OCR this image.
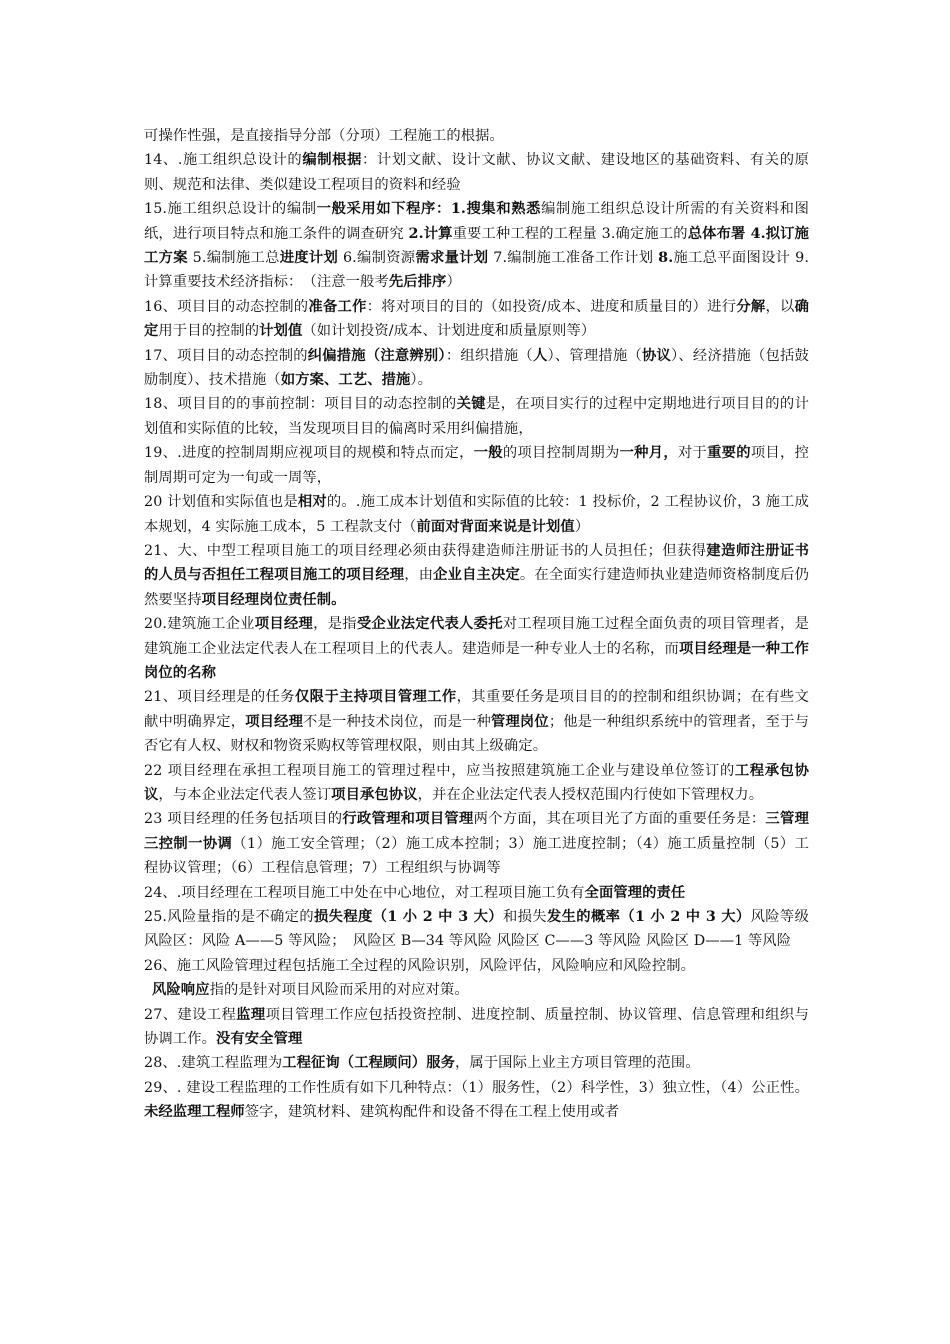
可操作性强，是直接指导分部（分项）工程施工的根据。

14、.施工组织总设计的编制根据：计划文献、设计文献、协议文献、建设地区的基础资料、有关的原则、规范和法律、类似建设工程项目的资料和经验

15.施工组织总设计的编制一般采用如下程序：1.搜集和熟悉编制施工组织总设计所需的有关资料和图纸，进行项目特点和施工条件的调查研究 2.计算重要工种工程的工程量 3.确定施工的总体布署 4.拟订施工方案 5.编制施工总进度计划 6.编制资源需求量计划 7.编制施工准备工作计划 8.施工总平面图设计 9.计算重要技术经济指标：　（注意一般考先后排序）

16、项目目的动态控制的准备工作：将对项目的目的（如投资/成本、进度和质量目的）进行分解，以确定用于目的控制的计划值（如计划投资/成本、计划进度和质量原则等）

17、项目目的动态控制的纠偏措施（注意辨别）：组织措施（人）、管理措施（协议）、经济措施（包括鼓励制度）、技术措施（如方案、工艺、措施）。

18、项目目的的事前控制：项目目的动态控制的关键是，在项目实行的过程中定期地进行项目目的的计划值和实际值的比较，当发现项目目的偏离时采用纠偏措施，

19、.进度的控制周期应视项目的规模和特点而定，一般的项目控制周期为一种月，对于重要的项目，控制周期可定为一旬或一周等，

20 计划值和实际值也是相对的。.施工成本计划值和实际值的比较：1 投标价，2 工程协议价，3 施工成本规划，4 实际施工成本，5 工程款支付（前面对背面来说是计划值）

21、大、中型工程项目施工的项目经理必须由获得建造师注册证书的人员担任；但获得建造师注册证书的人员与否担任工程项目施工的项目经理，由企业自主决定。在全面实行建造师执业建造师资格制度后仍然要坚持项目经理岗位责任制。

20.建筑施工企业项目经理，是指受企业法定代表人委托对工程项目施工过程全面负责的项目管理者，是建筑施工企业法定代表人在工程项目上的代表人。建造师是一种专业人士的名称，而项目经理是一种工作岗位的名称

21、项目经理是的任务仅限于主持项目管理工作，其重要任务是项目目的的控制和组织协调；在有些文献中明确界定，项目经理不是一种技术岗位，而是一种管理岗位；他是一种组织系统中的管理者，至于与否它有人权、财权和物资采购权等管理权限，则由其上级确定。

22 项目经理在承担工程项目施工的管理过程中，应当按照建筑施工企业与建设单位签订的工程承包协议，与本企业法定代表人签订项目承包协议，并在企业法定代表人授权范围内行使如下管理权力。

23 项目经理的任务包括项目的行政管理和项目管理两个方面，其在项目光了方面的重要任务是：三管理三控制一协调（1）施工安全管理；（2）施工成本控制；3）施工进度控制；（4）施工质量控制（5）工程协议管理；（6）工程信息管理；7）工程组织与协调等

24、.项目经理在工程项目施工中处在中心地位，对工程项目施工负有全面管理的责任

25.风险量指的是不确定的损失程度（1 小 2 中 3 大）和损失发生的概率（1 小 2 中 3 大）风险等级风险区：风险 A——5 等风险；　风险区 B—34 等风险 风险区 C——3 等风险 风险区 D——1 等风险

26、施工风险管理过程包括施工全过程的风险识别，风险评估，风险响应和风险控制。

风险响应指的是针对项目风险而采用的对应对策。

27、建设工程监理项目管理工作应包括投资控制、进度控制、质量控制、协议管理、信息管理和组织与协调工作。没有安全管理

28、.建筑工程监理为工程征询（工程顾问）服务，属于国际上业主方项目管理的范围。

29、. 建设工程监理的工作性质有如下几种特点：（1）服务性，（2）科学性，3）独立性，（4）公正性。未经监理工程师签字，建筑材料、建筑构配件和设备不得在工程上使用或者
